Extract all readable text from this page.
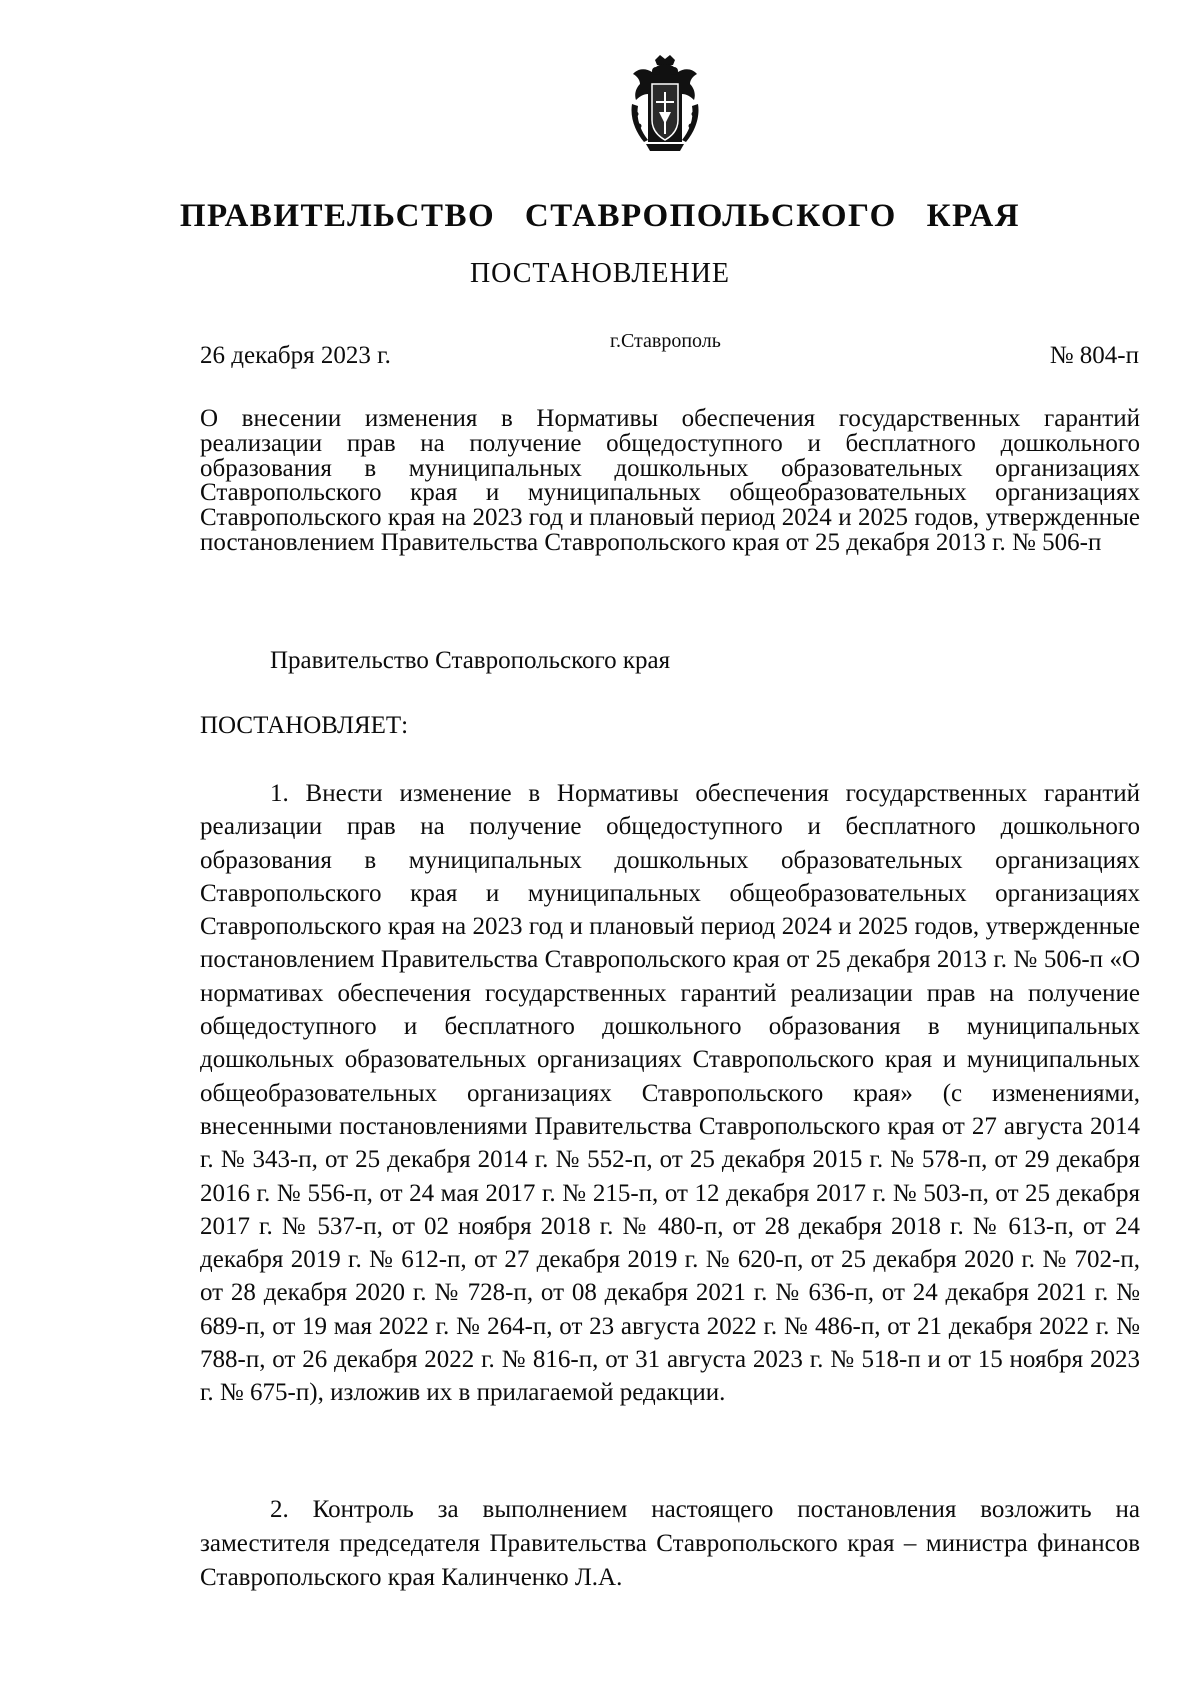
ПРАВИТЕЛЬСТВО СТАВРОПОЛЬСКОГО КРАЯ
ПОСТАНОВЛЕНИЕ
26 декабря 2023 г.
г.Ставрополь
№ 804-п
О внесении изменения в Нормативы обеспечения государственных гарантий реализации прав на получение общедоступного и бесплатного дошкольного образования в муниципальных дошкольных образовательных организациях Ставропольского края и муниципальных общеобразовательных организациях Ставропольского края на 2023 год и плановый период 2024 и 2025 годов, утвержденные постановлением Правительства Ставропольского края от 25 декабря 2013 г. № 506-п
Правительство Ставропольского края
ПОСТАНОВЛЯЕТ:

1. Внести изменение в Нормативы обеспечения государственных гарантий реализации прав на получение общедоступного и бесплатного дошкольного образования в муниципальных дошкольных образовательных организациях Ставропольского края и муниципальных общеобразовательных организациях Ставропольского края на 2023 год и плановый период 2024 и 2025 годов, утвержденные постановлением Правительства Ставропольского края от 25 декабря 2013 г. № 506-п «О нормативах обеспечения государственных гарантий реализации прав на получение общедоступного и бесплатного дошкольного образования в муниципальных дошкольных образовательных организациях Ставропольского края и муниципальных общеобразовательных организациях Ставропольского края» (с изменениями, внесенными постановлениями Правительства Ставропольского края от 27 августа 2014 г. № 343-п, от 25 декабря 2014 г. № 552-п, от 25 декабря 2015 г. № 578-п, от 29 декабря 2016 г. № 556-п, от 24 мая 2017 г. № 215-п, от 12 декабря 2017 г. № 503-п, от 25 декабря 2017 г. № 537-п, от 02 ноября 2018 г. № 480-п, от 28 декабря 2018 г. № 613-п, от 24 декабря 2019 г. № 612-п, от 27 декабря 2019 г. № 620-п, от 25 декабря 2020 г. № 702-п, от 28 декабря 2020 г. № 728-п, от 08 декабря 2021 г. № 636-п, от 24 декабря 2021 г. № 689-п, от 19 мая 2022 г. № 264-п, от 23 августа 2022 г. № 486-п, от 21 декабря 2022 г. № 788-п, от 26 декабря 2022 г. № 816-п, от 31 августа 2023 г. № 518-п и от 15 ноября 2023 г. № 675-п), изложив их в прилагаемой редакции.

2. Контроль за выполнением настоящего постановления возложить на заместителя председателя Правительства Ставропольского края – министра финансов Ставропольского края Калинченко Л.А.
